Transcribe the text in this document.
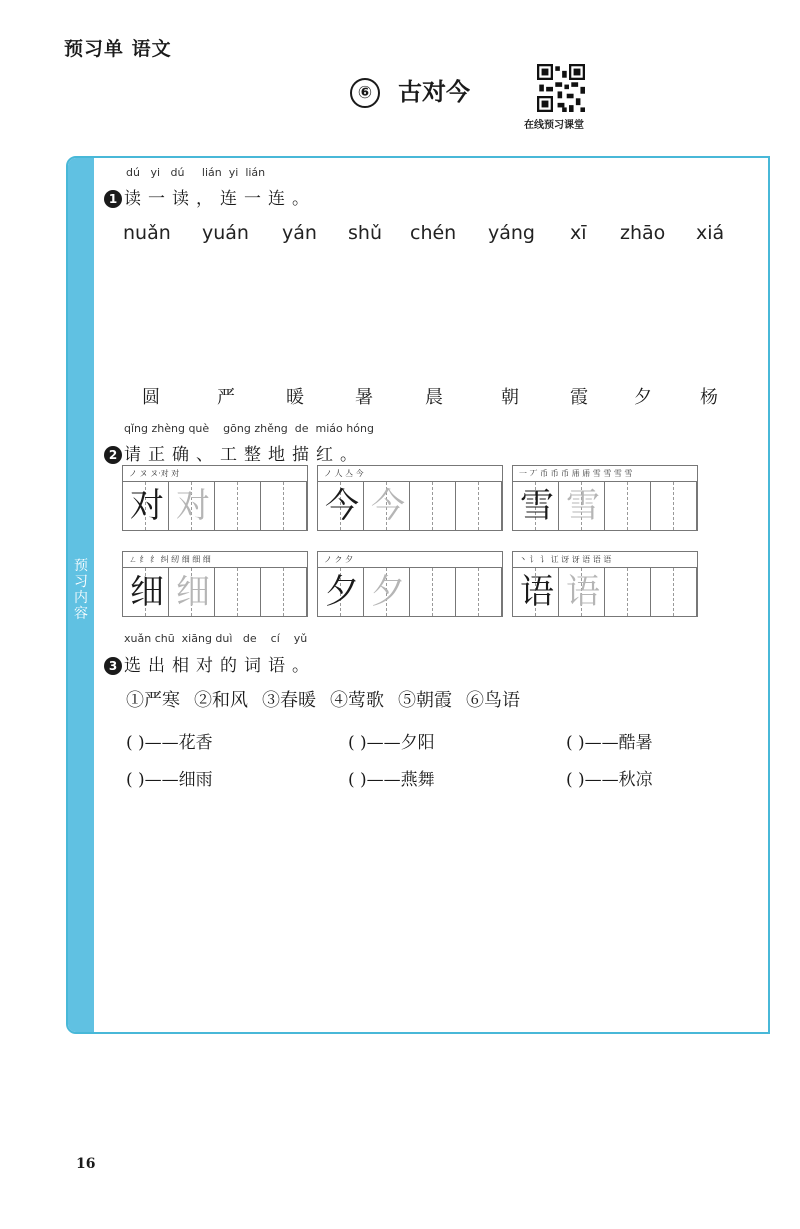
预习单 语文
⑥ 古对今
在线预习课堂
预
习
内
容
dú   yi   dú     lián  yi  lián
1 读一读，连一连。
nuǎn yuán yán shǔ chén yáng xī zhāo xiá
圆	严	暖	暑	晨	朝	霞	夕	杨
qǐng zhèng què    gōng zhěng  de  miáo hóng
2 请正确、工整地描红。
ノ ヌ ヌ·对 对
对 对
ノ 人 亼 今
今 今
一 丆 币 币 币 乕 乕 雪 雪 雪 雪
雪 雪
ㄥ 纟 纟 纠 纫 细 细 细
细 细
ノ ク 夕
夕 夕
丶 讠 讠 讧 讶 讶 语 语 语
语 语
xuǎn chū  xiāng duì   de    cí    yǔ
3 选出相对的词语。
①严寒 ②和风 ③春暖 ④莺歌 ⑤朝霞 ⑥鸟语
( )——花香	( )——夕阳	( )——酷暑
( )——细雨	( )——燕舞	( )——秋凉
16
